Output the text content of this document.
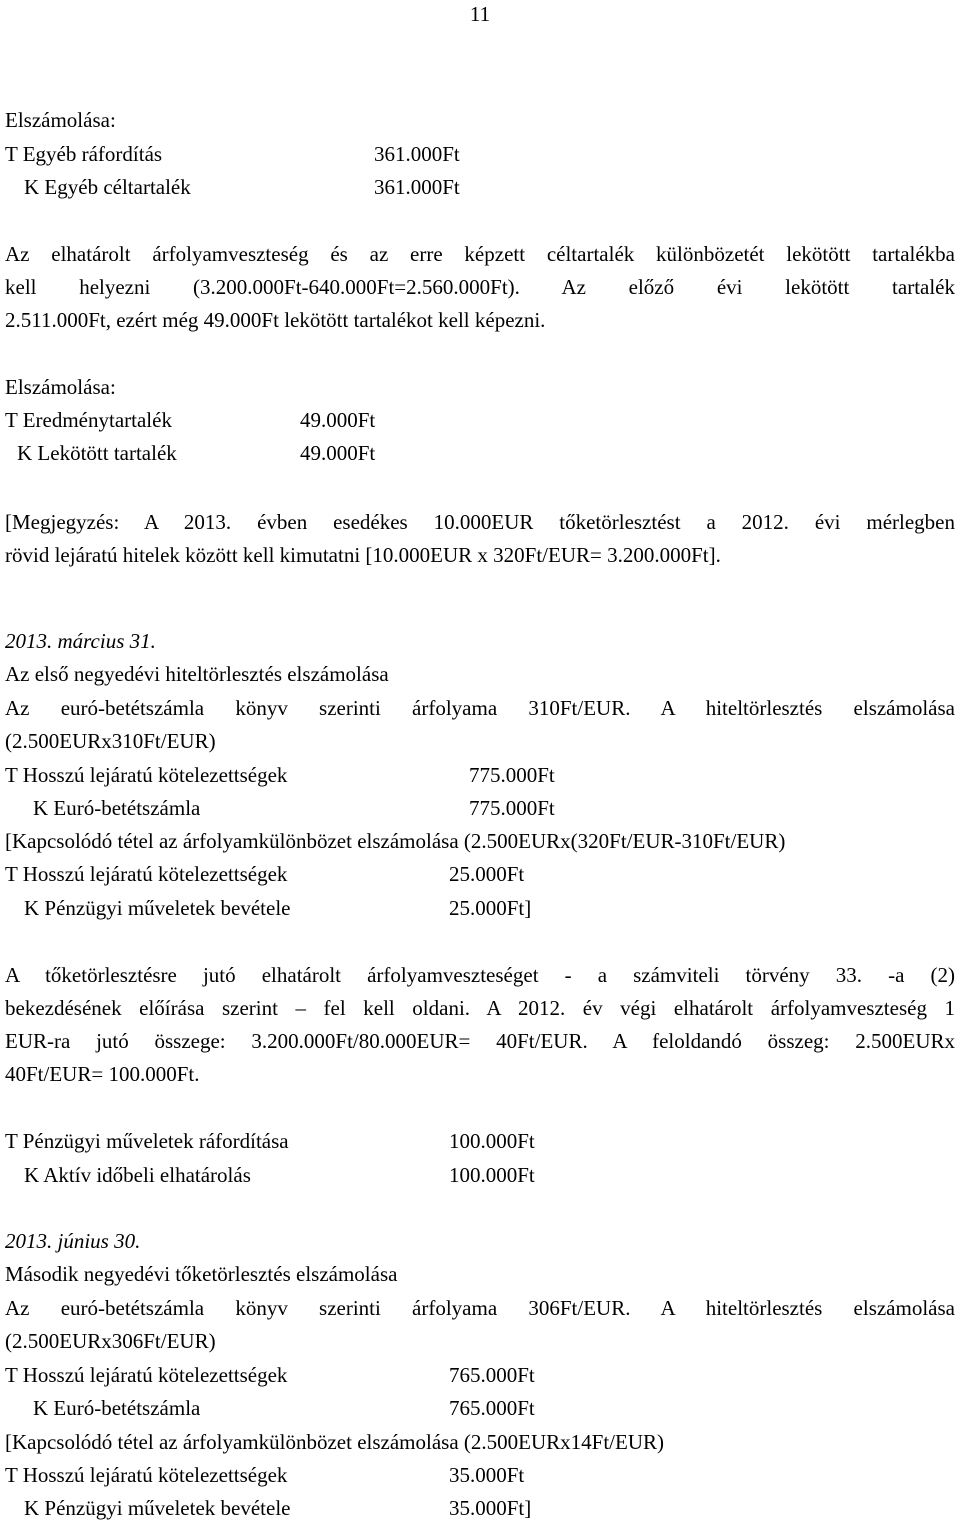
11
Elszámolása:
T Egyéb ráfordítás	361.000Ft
K Egyéb céltartalék	361.000Ft
Az elhatárolt árfolyamveszteség és az erre képzett céltartalék különbözetét lekötött tartalékba
kell helyezni (3.200.000Ft-640.000Ft=2.560.000Ft). Az előző évi lekötött tartalék
2.511.000Ft, ezért még 49.000Ft lekötött tartalékot kell képezni.
Elszámolása:
T Eredménytartalék	49.000Ft
K Lekötött tartalék	49.000Ft
[Megjegyzés: A 2013. évben esedékes 10.000EUR tőketörlesztést a 2012. évi mérlegben
rövid lejáratú hitelek között kell kimutatni [10.000EUR x 320Ft/EUR= 3.200.000Ft].
2013. március 31.
Az első negyedévi hiteltörlesztés elszámolása
Az euró-betétszámla könyv szerinti árfolyama 310Ft/EUR. A hiteltörlesztés elszámolása
(2.500EURx310Ft/EUR)
T Hosszú lejáratú kötelezettségek	775.000Ft
K Euró-betétszámla	775.000Ft
[Kapcsolódó tétel az árfolyamkülönbözet elszámolása (2.500EURx(320Ft/EUR-310Ft/EUR)
T Hosszú lejáratú kötelezettségek	25.000Ft
K Pénzügyi műveletek bevétele	25.000Ft]
A tőketörlesztésre jutó elhatárolt árfolyamveszteséget - a számviteli törvény 33. -a (2)
bekezdésének előírása szerint – fel kell oldani. A 2012. év végi elhatárolt árfolyamveszteség 1
EUR-ra jutó összege: 3.200.000Ft/80.000EUR= 40Ft/EUR. A feloldandó összeg: 2.500EURx
40Ft/EUR= 100.000Ft.
T Pénzügyi műveletek ráfordítása	100.000Ft
K Aktív időbeli elhatárolás	100.000Ft
2013. június 30.
Második negyedévi tőketörlesztés elszámolása
Az euró-betétszámla könyv szerinti árfolyama 306Ft/EUR. A hiteltörlesztés elszámolása
(2.500EURx306Ft/EUR)
T Hosszú lejáratú kötelezettségek	765.000Ft
K Euró-betétszámla	765.000Ft
[Kapcsolódó tétel az árfolyamkülönbözet elszámolása (2.500EURx14Ft/EUR)
T Hosszú lejáratú kötelezettségek	35.000Ft
K Pénzügyi műveletek bevétele	35.000Ft]
